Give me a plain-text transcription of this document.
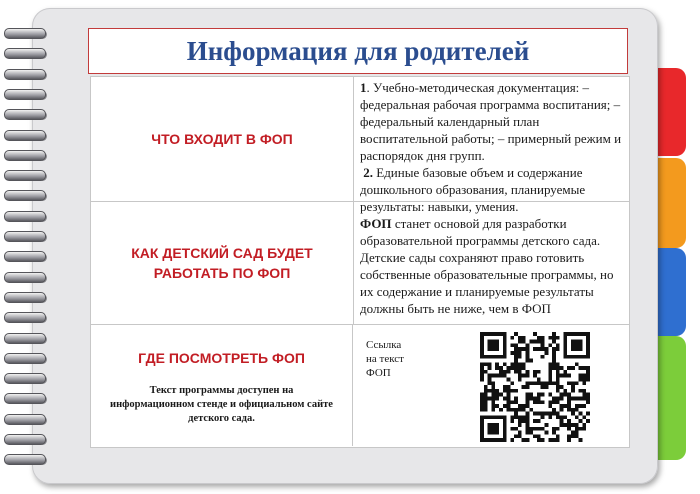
Информация для родителей
ЧТО ВХОДИТ В ФОП
1. Учебно-методическая документация: – федеральная рабочая программа воспитания; – федеральный календарный план воспитательной работы; – примерный режим и распорядок дня групп.
2. Единые базовые объем и содержание дошкольного образования, планируемые результаты: навыки, умения.
КАК ДЕТСКИЙ САД БУДЕТ
РАБОТАТЬ ПО ФОП
ФОП станет основой для разработки образовательной программы детского сада. Детские сады сохраняют право готовить собственные образовательные программы, но их содержание и планируемые результаты должны быть не ниже, чем в ФОП
ГДЕ ПОСМОТРЕТЬ ФОП
Текст программы доступен на информационном стенде и официальном сайте детского сада.
Ссылка
на текст
ФОП
